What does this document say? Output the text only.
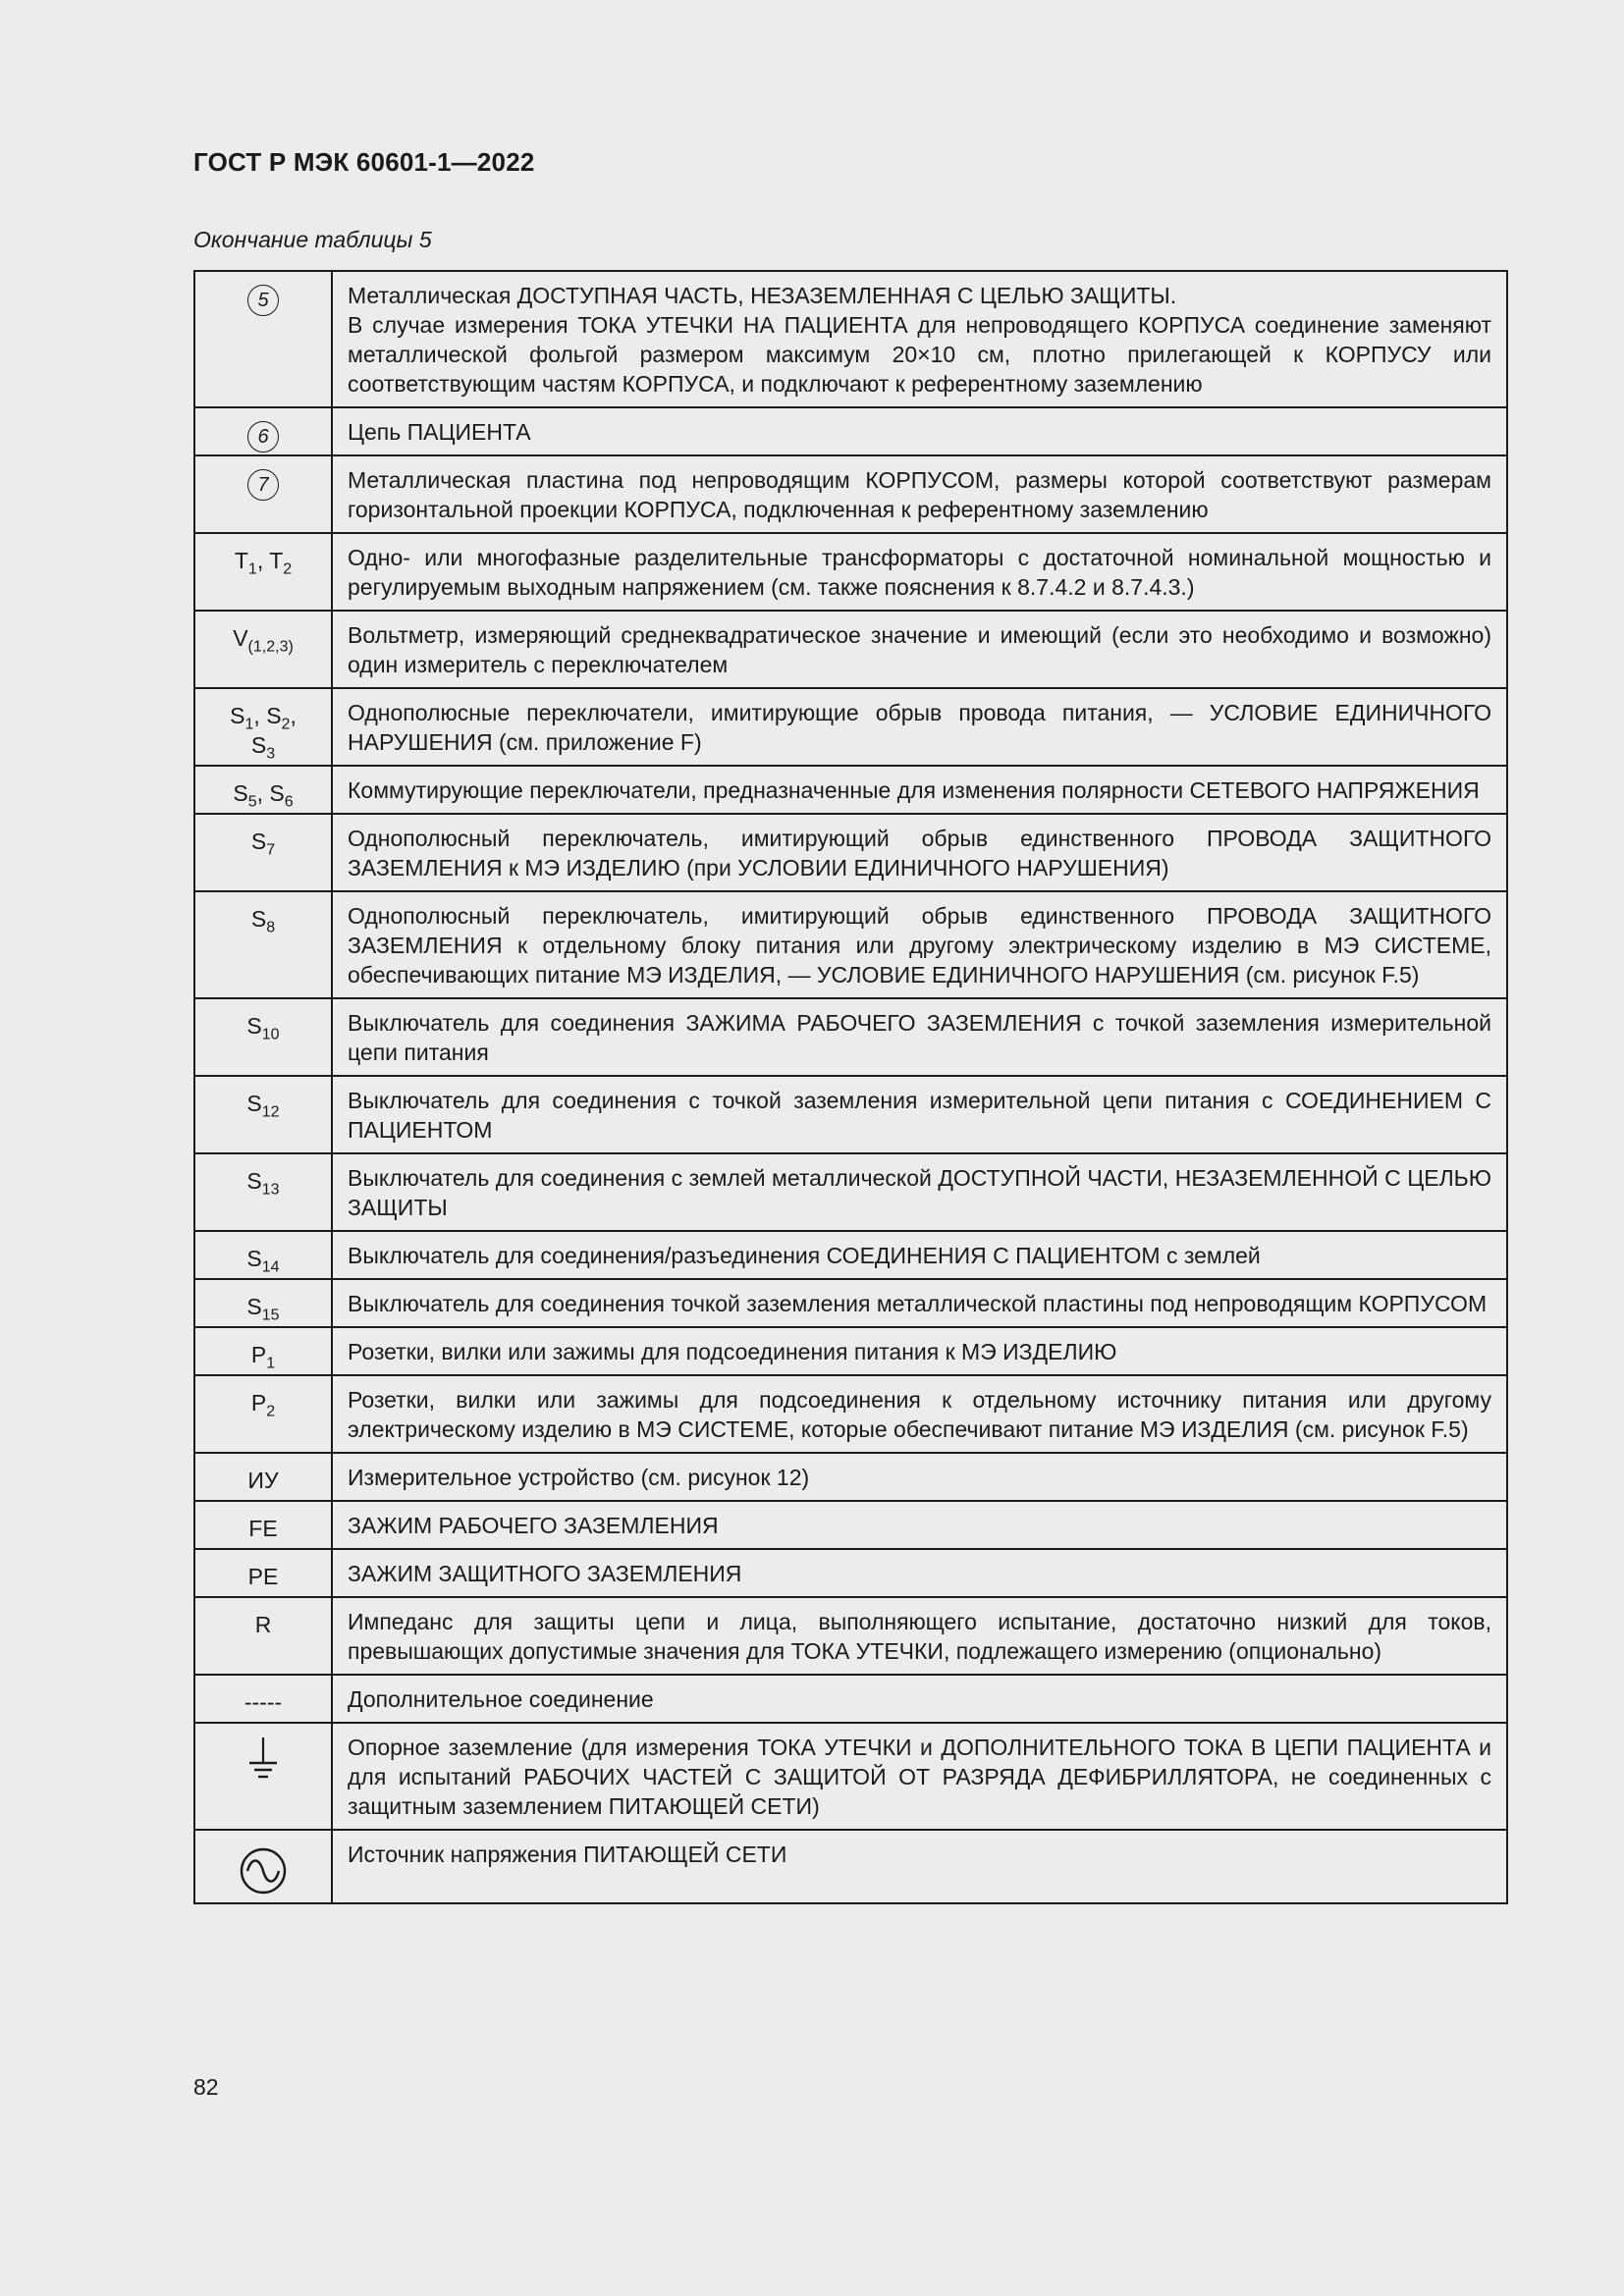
ГОСТ Р МЭК 60601-1—2022
Окончание таблицы 5
5	Металлическая ДОСТУПНАЯ ЧАСТЬ, НЕЗАЗЕМЛЕННАЯ С ЦЕЛЬЮ ЗАЩИТЫ.
В случае измерения ТОКА УТЕЧКИ НА ПАЦИЕНТА для непроводящего КОРПУСА соединение заменяют металлической фольгой размером максимум 20×10 см, плотно прилегающей к КОРПУСУ или соответствующим частям КОРПУСА, и подключают к референтному заземлению

6	Цепь ПАЦИЕНТА

7	Металлическая пластина под непроводящим КОРПУСОМ, размеры которой соответствуют размерам горизонтальной проекции КОРПУСА, подключенная к референтному заземлению

$T_1$, $T_2$	Одно- или многофазные разделительные трансформаторы с достаточной номинальной мощностью и регулируемым выходным напряжением (см. также пояснения к 8.7.4.2 и 8.7.4.3.)

$V_{(1,2,3)}$	Вольтметр, измеряющий среднеквадратическое значение и имеющий (если это необходимо и возможно) один измеритель с переключателем

$S_1$, $S_2$,
$S_3$	Однополюсные переключатели, имитирующие обрыв провода питания, — УСЛОВИЕ ЕДИНИЧНОГО НАРУШЕНИЯ (см. приложение F)

$S_5$, $S_6$	Коммутирующие переключатели, предназначенные для изменения полярности СЕТЕВОГО НАПРЯЖЕНИЯ

$S_7$	Однополюсный переключатель, имитирующий обрыв единственного ПРОВОДА ЗАЩИТНОГО ЗАЗЕМЛЕНИЯ к МЭ ИЗДЕЛИЮ (при УСЛОВИИ ЕДИНИЧНОГО НАРУШЕНИЯ)

$S_8$	Однополюсный переключатель, имитирующий обрыв единственного ПРОВОДА ЗАЩИТНОГО ЗАЗЕМЛЕНИЯ к отдельному блоку питания или другому электрическому изделию в МЭ СИСТЕМЕ, обеспечивающих питание МЭ ИЗДЕЛИЯ, — УСЛОВИЕ ЕДИНИЧНОГО НАРУШЕНИЯ (см. рисунок F.5)

$S_{10}$	Выключатель для соединения ЗАЖИМА РАБОЧЕГО ЗАЗЕМЛЕНИЯ с точкой заземления измерительной цепи питания

$S_{12}$	Выключатель для соединения с точкой заземления измерительной цепи питания с СОЕДИНЕНИЕМ С ПАЦИЕНТОМ

$S_{13}$	Выключатель для соединения с землей металлической ДОСТУПНОЙ ЧАСТИ, НЕЗАЗЕМЛЕННОЙ С ЦЕЛЬЮ ЗАЩИТЫ

$S_{14}$	Выключатель для соединения/разъединения СОЕДИНЕНИЯ С ПАЦИЕНТОМ с землей

$S_{15}$	Выключатель для соединения точкой заземления металлической пластины под непроводящим КОРПУСОМ

$P_1$	Розетки, вилки или зажимы для подсоединения питания к МЭ ИЗДЕЛИЮ

$P_2$	Розетки, вилки или зажимы для подсоединения к отдельному источнику питания или другому электрическому изделию в МЭ СИСТЕМЕ, которые обеспечивают питание МЭ ИЗДЕЛИЯ (см. рисунок F.5)

ИУ	Измерительное устройство (см. рисунок 12)

FE	ЗАЖИМ РАБОЧЕГО ЗАЗЕМЛЕНИЯ

PE	ЗАЖИМ ЗАЩИТНОГО ЗАЗЕМЛЕНИЯ

R	Импеданс для защиты цепи и лица, выполняющего испытание, достаточно низкий для токов, превышающих допустимые значения для ТОКА УТЕЧКИ, подлежащего измерению (опционально)

-----	Дополнительное соединение

Опорное заземление (для измерения ТОКА УТЕЧКИ и ДОПОЛНИТЕЛЬНОГО ТОКА В ЦЕПИ ПАЦИЕНТА и для испытаний РАБОЧИХ ЧАСТЕЙ С ЗАЩИТОЙ ОТ РАЗРЯДА ДЕФИБРИЛЛЯТОРА, не соединенных с защитным заземлением ПИТАЮЩЕЙ СЕТИ)

Источник напряжения ПИТАЮЩЕЙ СЕТИ
82
